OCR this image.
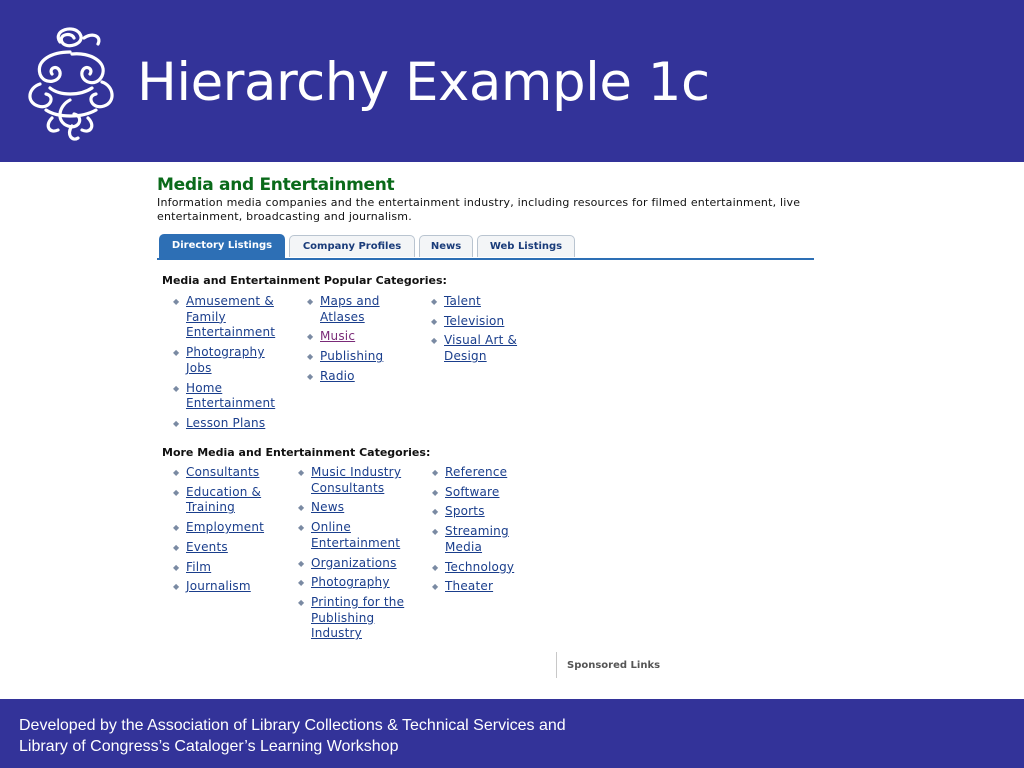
Hierarchy Example 1c
Media and Entertainment
Information media companies and the entertainment industry, including resources for filmed entertainment, live entertainment, broadcasting and journalism.
Directory Listings	Company Profiles	News	Web Listings
Media and Entertainment Popular Categories:
◆ Amusement & Family Entertainment
◆ Photography Jobs
◆ Home Entertainment
◆ Lesson Plans
◆ Maps and Atlases
◆ Music
◆ Publishing
◆ Radio
◆ Talent
◆ Television
◆ Visual Art & Design
More Media and Entertainment Categories:
◆ Consultants
◆ Education & Training
◆ Employment
◆ Events
◆ Film
◆ Journalism
◆ Music Industry Consultants
◆ News
◆ Online Entertainment
◆ Organizations
◆ Photography
◆ Printing for the Publishing Industry
◆ Reference
◆ Software
◆ Sports
◆ Streaming Media
◆ Technology
◆ Theater
Sponsored Links
Developed by the Association of Library Collections & Technical Services and
Library of Congress’s Cataloger’s Learning Workshop
